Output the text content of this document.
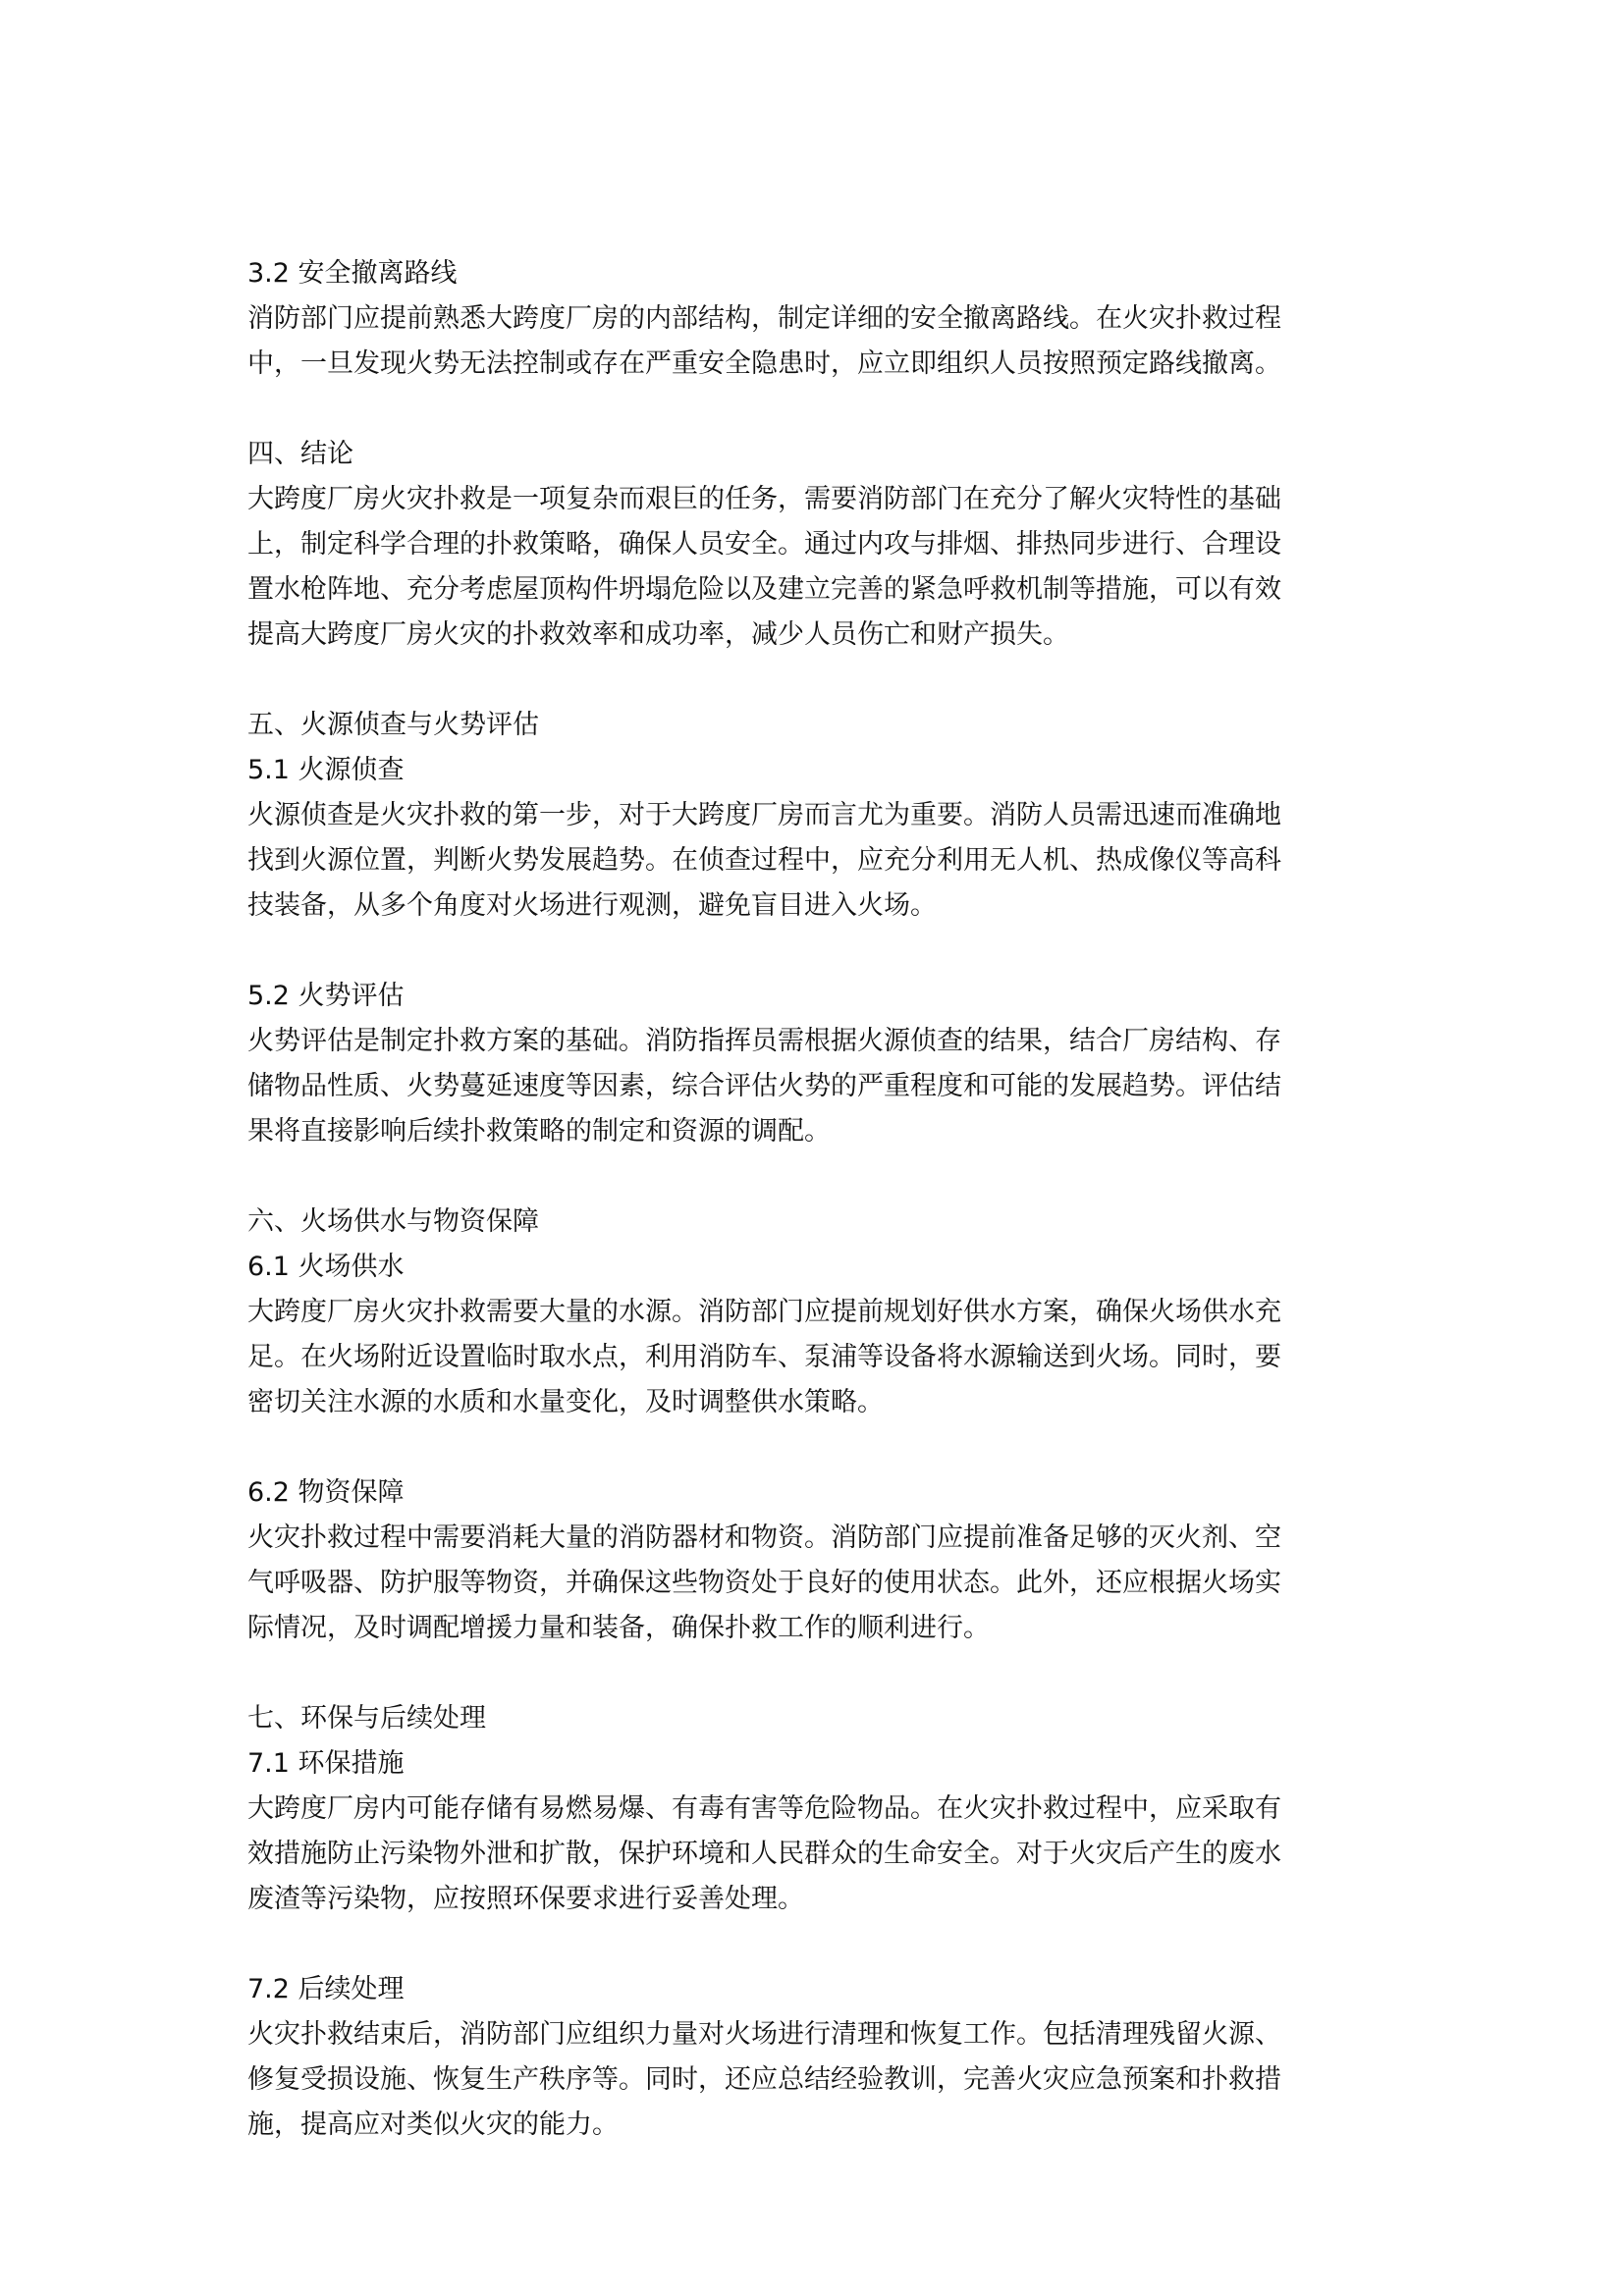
3.2 安全撤离路线
消防部门应提前熟悉大跨度厂房的内部结构，制定详细的安全撤离路线。在火灾扑救过程
中，一旦发现火势无法控制或存在严重安全隐患时，应立即组织人员按照预定路线撤离。
四、结论
大跨度厂房火灾扑救是一项复杂而艰巨的任务，需要消防部门在充分了解火灾特性的基础
上，制定科学合理的扑救策略，确保人员安全。通过内攻与排烟、排热同步进行、合理设
置水枪阵地、充分考虑屋顶构件坍塌危险以及建立完善的紧急呼救机制等措施，可以有效
提高大跨度厂房火灾的扑救效率和成功率，减少人员伤亡和财产损失。
五、火源侦查与火势评估
5.1 火源侦查
火源侦查是火灾扑救的第一步，对于大跨度厂房而言尤为重要。消防人员需迅速而准确地
找到火源位置，判断火势发展趋势。在侦查过程中，应充分利用无人机、热成像仪等高科
技装备，从多个角度对火场进行观测，避免盲目进入火场。
5.2 火势评估
火势评估是制定扑救方案的基础。消防指挥员需根据火源侦查的结果，结合厂房结构、存
储物品性质、火势蔓延速度等因素，综合评估火势的严重程度和可能的发展趋势。评估结
果将直接影响后续扑救策略的制定和资源的调配。
六、火场供水与物资保障
6.1 火场供水
大跨度厂房火灾扑救需要大量的水源。消防部门应提前规划好供水方案，确保火场供水充
足。在火场附近设置临时取水点，利用消防车、泵浦等设备将水源输送到火场。同时，要
密切关注水源的水质和水量变化，及时调整供水策略。
6.2 物资保障
火灾扑救过程中需要消耗大量的消防器材和物资。消防部门应提前准备足够的灭火剂、空
气呼吸器、防护服等物资，并确保这些物资处于良好的使用状态。此外，还应根据火场实
际情况，及时调配增援力量和装备，确保扑救工作的顺利进行。
七、环保与后续处理
7.1 环保措施
大跨度厂房内可能存储有易燃易爆、有毒有害等危险物品。在火灾扑救过程中，应采取有
效措施防止污染物外泄和扩散，保护环境和人民群众的生命安全。对于火灾后产生的废水
废渣等污染物，应按照环保要求进行妥善处理。
7.2 后续处理
火灾扑救结束后，消防部门应组织力量对火场进行清理和恢复工作。包括清理残留火源、
修复受损设施、恢复生产秩序等。同时，还应总结经验教训，完善火灾应急预案和扑救措
施，提高应对类似火灾的能力。
